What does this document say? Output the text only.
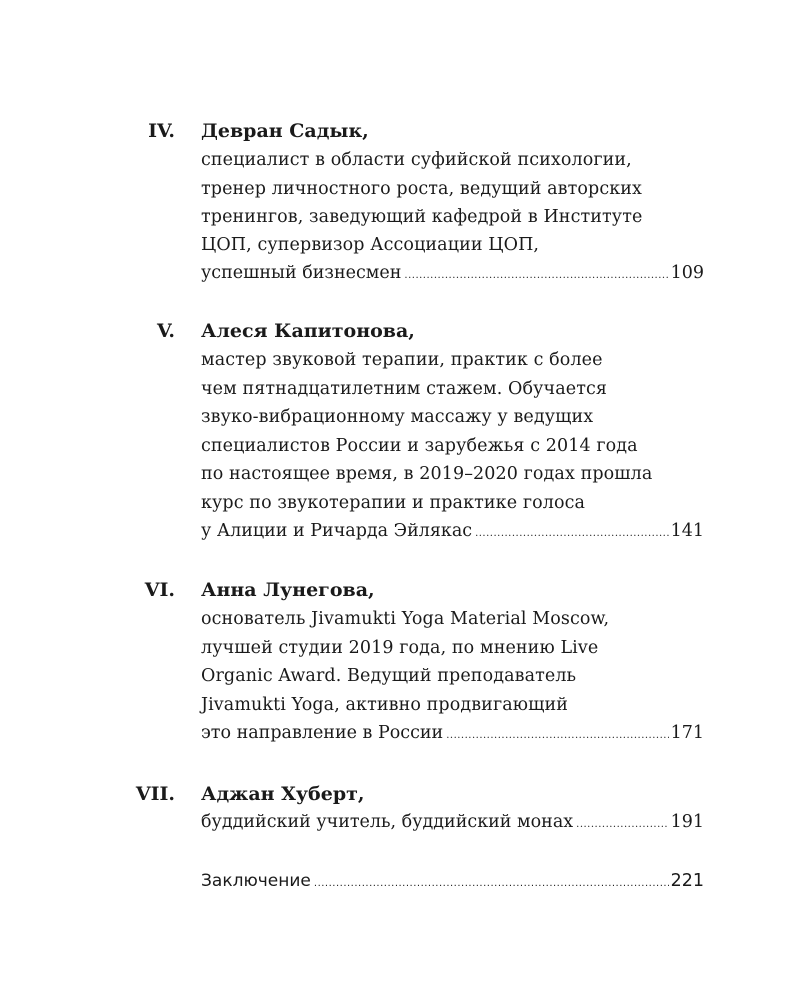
IV. Девран Садык,
специалист в области суфийской психологии,
тренер личностного роста, ведущий авторских
тренингов, заведующий кафедрой в Институте
ЦОП, супервизор Ассоциации ЦОП,
успешный бизнесмен .....	109
V. Алеся Капитонова,
мастер звуковой терапии, практик с более
чем пятнадцатилетним стажем. Обучается
звуко-вибрационному массажу у ведущих
специалистов России и зарубежья с 2014 года
по настоящее время, в 2019–2020 годах прошла
курс по звукотерапии и практике голоса
у Алиции и Ричарда Эйлякас .....	141
VI. Анна Лунегова,
основатель Jivamukti Yoga Material Moscow,
лучшей студии 2019 года, по мнению Live
Organic Award. Ведущий преподаватель
Jivamukti Yoga, активно продвигающий
это направление в России .....	171
VII. Аджан Хуберт,
буддийский учитель, буддийский монах .....	191
Заключение .....	221
